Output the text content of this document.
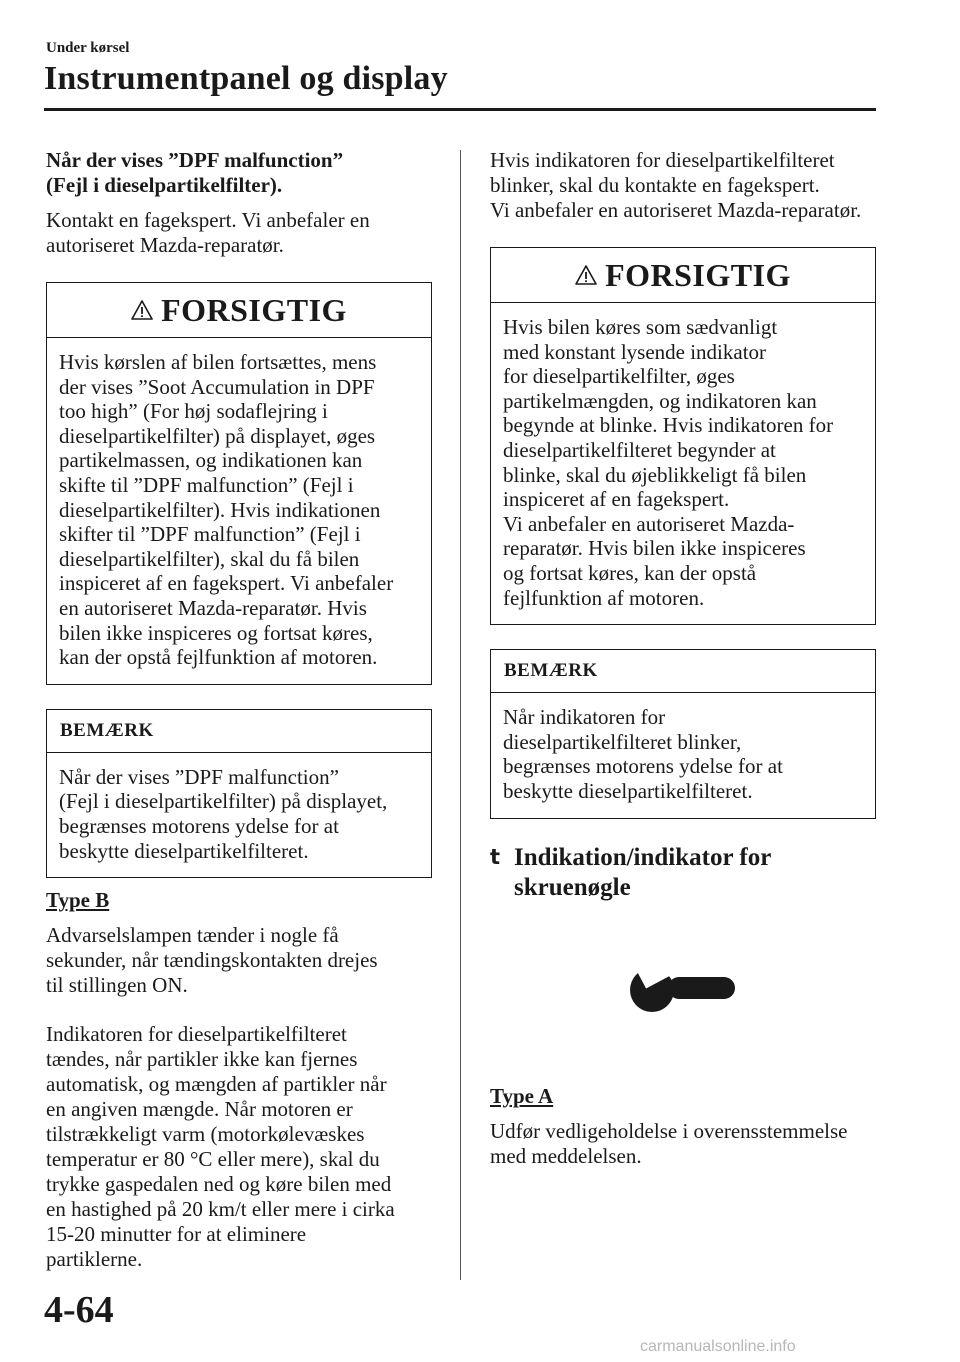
Under kørsel
Instrumentpanel og display

Når der vises ”DPF malfunction”

(Fejl i dieselpartikelfilter).

Kontakt en fagekspert. Vi anbefaler en

autoriseret Mazda-reparatør.

FORSIGTIG
Hvis kørslen af bilen fortsættes, mens
der vises ”Soot Accumulation in DPF
too high” (For høj sodaflejring i
dieselpartikelfilter) på displayet, øges
partikelmassen, og indikationen kan
skifte til ”DPF malfunction” (Fejl i
dieselpartikelfilter). Hvis indikationen
skifter til ”DPF malfunction” (Fejl i
dieselpartikelfilter), skal du få bilen
inspiceret af en fagekspert. Vi anbefaler
en autoriseret Mazda-reparatør. Hvis
bilen ikke inspiceres og fortsat køres,
kan der opstå fejlfunktion af motoren.
BEMÆRK
Når der vises ”DPF malfunction”
(Fejl i dieselpartikelfilter) på displayet,
begrænses motorens ydelse for at
beskytte dieselpartikelfilteret.

Type B

Advarselslampen tænder i nogle få

sekunder, når tændingskontakten drejes

til stillingen ON.

Indikatoren for dieselpartikelfilteret

tændes, når partikler ikke kan fjernes

automatisk, og mængden af partikler når

en angiven mængde. Når motoren er

tilstrækkeligt varm (motorkølevæskes

temperatur er 80 °C eller mere), skal du

trykke gaspedalen ned og køre bilen med

en hastighed på 20 km/t eller mere i cirka

15-20 minutter for at eliminere

partiklerne.

Hvis indikatoren for dieselpartikelfilteret

blinker, skal du kontakte en fagekspert.

Vi anbefaler en autoriseret Mazda-reparatør.

FORSIGTIG
Hvis bilen køres som sædvanligt
med konstant lysende indikator
for dieselpartikelfilter, øges
partikelmængden, og indikatoren kan
begynde at blinke. Hvis indikatoren for
dieselpartikelfilteret begynder at
blinke, skal du øjeblikkeligt få bilen
inspiceret af en fagekspert.
Vi anbefaler en autoriseret Mazda-
reparatør. Hvis bilen ikke inspiceres
og fortsat køres, kan der opstå
fejlfunktion af motoren.
BEMÆRK
Når indikatoren for
dieselpartikelfilteret blinker,
begrænses motorens ydelse for at
beskytte dieselpartikelfilteret.
t Indikation/indikator for
skruenøgle

Type A

Udfør vedligeholdelse i overensstemmelse

med meddelelsen.

4-64
carmanualsonline.info
